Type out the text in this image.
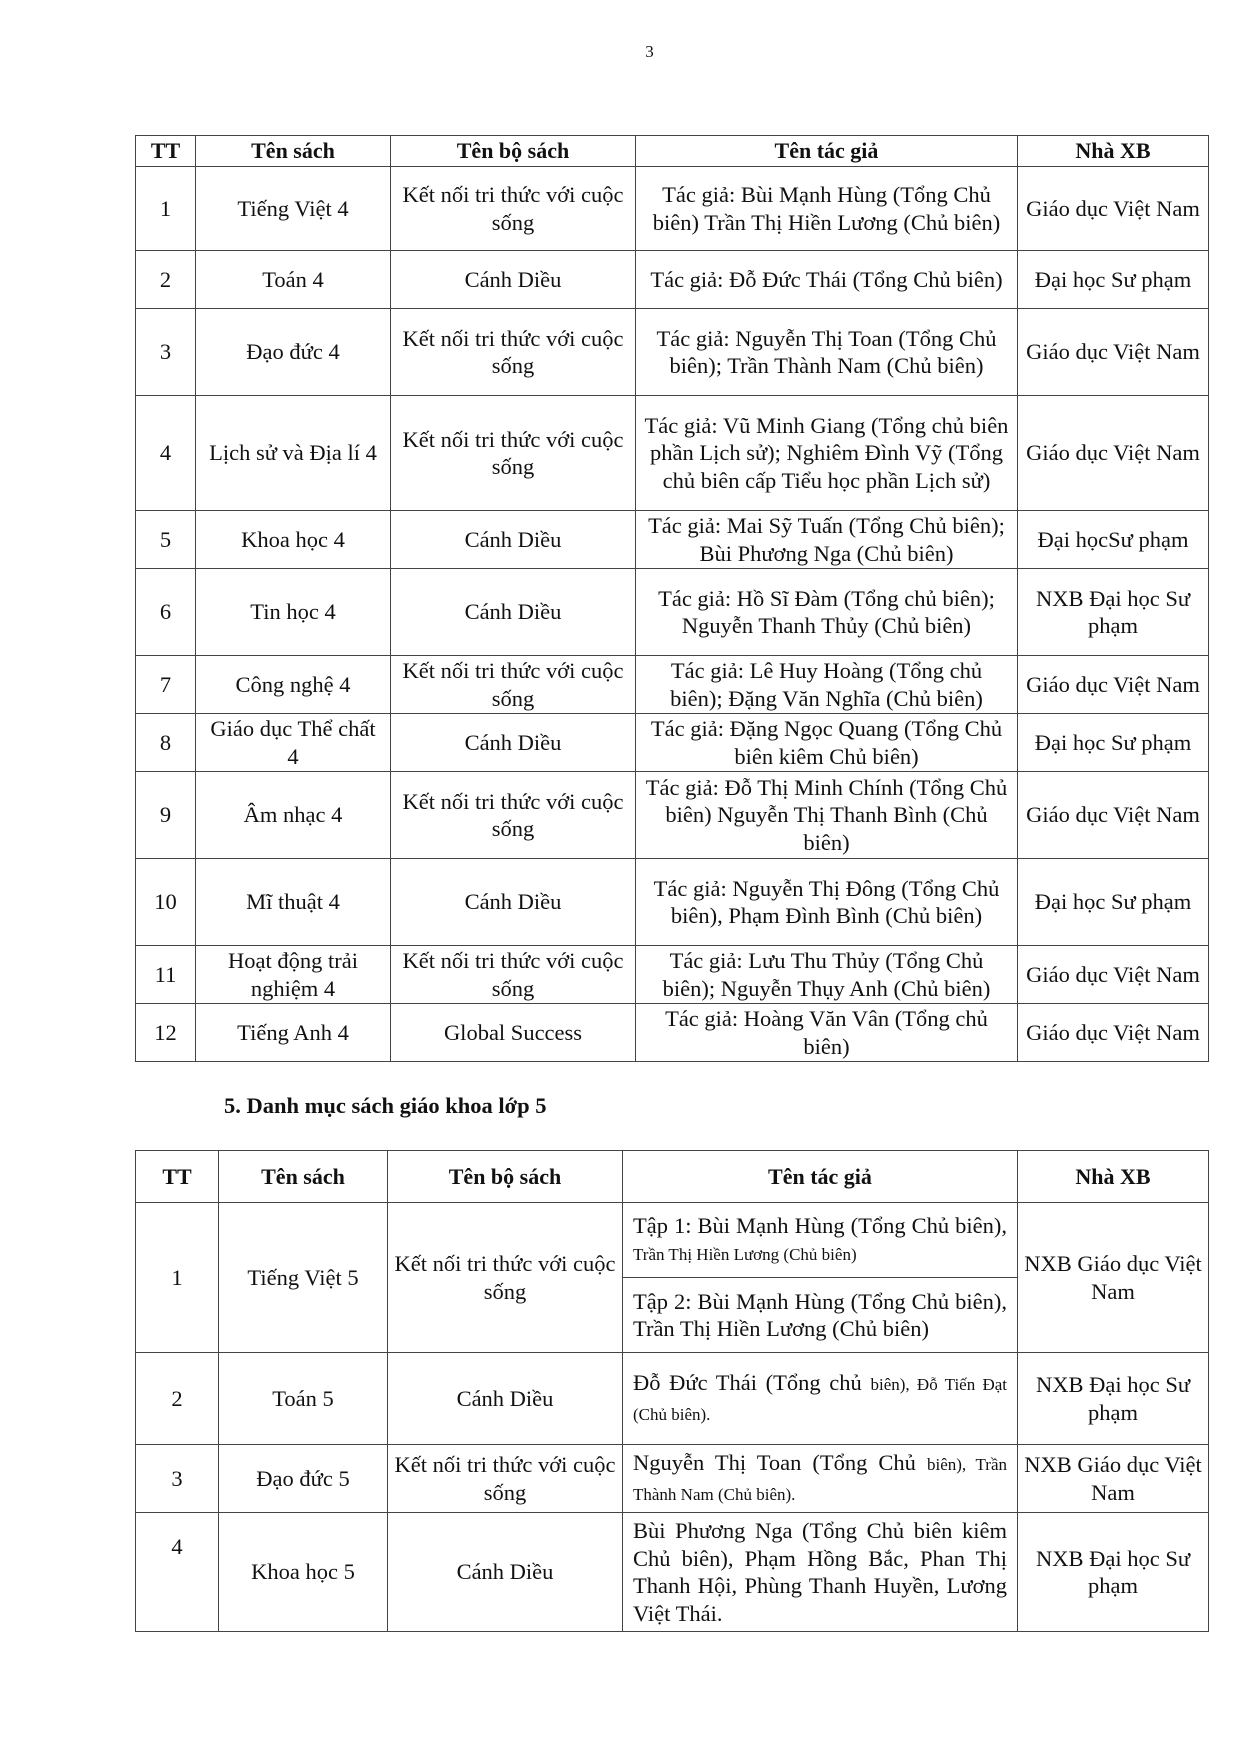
3
TT	Tên sách	Tên bộ sách	Tên tác giả	Nhà XB
1	Tiếng Việt 4	Kết nối tri thức với cuộc sống	Tác giả: Bùi Mạnh Hùng (Tổng Chủ biên) Trần Thị Hiền Lương (Chủ biên)	Giáo dục Việt Nam
2	Toán 4	Cánh Diều	Tác giả: Đỗ Đức Thái (Tổng Chủ biên)	Đại học Sư phạm
3	Đạo đức 4	Kết nối tri thức với cuộc sống	Tác giả: Nguyễn Thị Toan (Tổng Chủ biên); Trần Thành Nam (Chủ biên)	Giáo dục Việt Nam
4	Lịch sử và Địa lí 4	Kết nối tri thức với cuộc sống	Tác giả: Vũ Minh Giang (Tổng chủ biên phần Lịch sử); Nghiêm Đình Vỹ (Tổng chủ biên cấp Tiểu học phần Lịch sử)	Giáo dục Việt Nam
5	Khoa học 4	Cánh Diều	Tác giả: Mai Sỹ Tuấn (Tổng Chủ biên); Bùi Phương Nga (Chủ biên)	Đại họcSư phạm
6	Tin học 4	Cánh Diều	Tác giả: Hồ Sĩ Đàm (Tổng chủ biên); Nguyễn Thanh Thủy (Chủ biên)	NXB Đại học Sư phạm
7	Công nghệ 4	Kết nối tri thức với cuộc sống	Tác giả: Lê Huy Hoàng (Tổng chủ biên); Đặng Văn Nghĩa (Chủ biên)	Giáo dục Việt Nam
8	Giáo dục Thể chất 4	Cánh Diều	Tác giả: Đặng Ngọc Quang (Tổng Chủ biên kiêm Chủ biên)	Đại học Sư phạm
9	Âm nhạc 4	Kết nối tri thức với cuộc sống	Tác giả: Đỗ Thị Minh Chính (Tổng Chủ biên) Nguyễn Thị Thanh Bình (Chủ biên)	Giáo dục Việt Nam
10	Mĩ thuật 4	Cánh Diều	Tác giả: Nguyễn Thị Đông (Tổng Chủ biên), Phạm Đình Bình (Chủ biên)	Đại học Sư phạm
11	Hoạt động trải nghiệm 4	Kết nối tri thức với cuộc sống	Tác giả: Lưu Thu Thủy (Tổng Chủ biên); Nguyễn Thụy Anh (Chủ biên)	Giáo dục Việt Nam
12	Tiếng Anh 4	Global Success	Tác giả: Hoàng Văn Vân (Tổng chủ biên)	Giáo dục Việt Nam
5. Danh mục sách giáo khoa lớp 5
TT	Tên sách	Tên bộ sách	Tên tác giả	Nhà XB
1	Tiếng Việt 5	Kết nối tri thức với cuộc sống	Tập 1: Bùi Mạnh Hùng (Tổng Chủ biên), Trần Thị Hiền Lương (Chủ biên)	NXB Giáo dục Việt Nam
			Tập 2: Bùi Mạnh Hùng (Tổng Chủ biên), Trần Thị Hiền Lương (Chủ biên)	
2	Toán 5	Cánh Diều	Đỗ Đức Thái (Tổng chủ biên), Đỗ Tiến Đạt (Chủ biên).	NXB Đại học Sư phạm
3	Đạo đức 5	Kết nối tri thức với cuộc sống	Nguyễn Thị Toan (Tổng Chủ biên), Trần Thành Nam (Chủ biên).	NXB Giáo dục Việt Nam
4	Khoa học 5	Cánh Diều	Bùi Phương Nga (Tổng Chủ biên kiêm Chủ biên), Phạm Hồng Bắc, Phan Thị Thanh Hội, Phùng Thanh Huyền, Lương Việt Thái.	NXB Đại học Sư phạm
